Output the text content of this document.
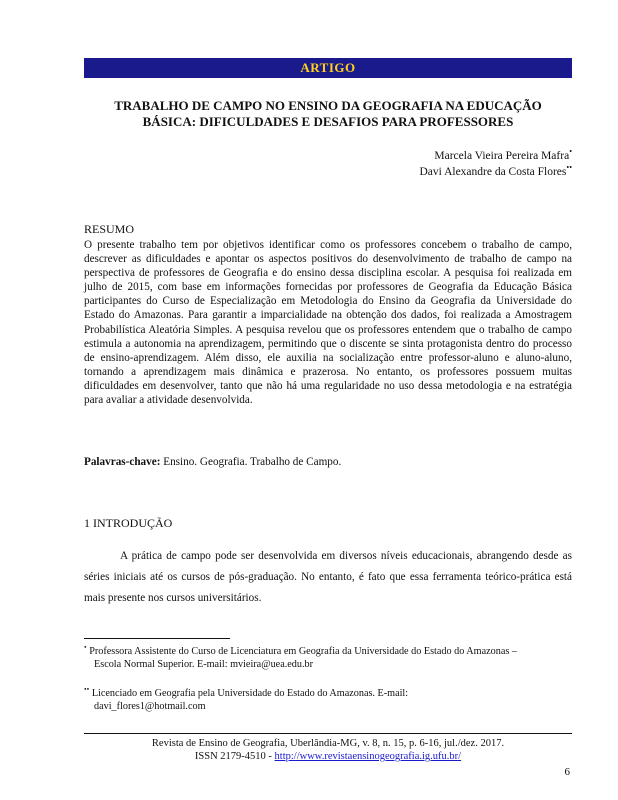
ARTIGO
TRABALHO DE CAMPO NO ENSINO DA GEOGRAFIA NA EDUCAÇÃO
BÁSICA: DIFICULDADES E DESAFIOS PARA PROFESSORES
Marcela Vieira Pereira Mafra•
Davi Alexandre da Costa Flores••
RESUMO
O presente trabalho tem por objetivos identificar como os professores concebem o trabalho de campo, descrever as dificuldades e apontar os aspectos positivos do desenvolvimento de trabalho de campo na perspectiva de professores de Geografia e do ensino dessa disciplina escolar. A pesquisa foi realizada em julho de 2015, com base em informações fornecidas por professores de Geografia da Educação Básica participantes do Curso de Especialização em Metodologia do Ensino da Geografia da Universidade do Estado do Amazonas. Para garantir a imparcialidade na obtenção dos dados, foi realizada a Amostragem Probabilística Aleatória Simples. A pesquisa revelou que os professores entendem que o trabalho de campo estimula a autonomia na aprendizagem, permitindo que o discente se sinta protagonista dentro do processo de ensino-aprendizagem. Além disso, ele auxilia na socialização entre professor-aluno e aluno-aluno, tornando a aprendizagem mais dinâmica e prazerosa. No entanto, os professores possuem muitas dificuldades em desenvolver, tanto que não há uma regularidade no uso dessa metodologia e na estratégia para avaliar a atividade desenvolvida.
Palavras-chave: Ensino. Geografia. Trabalho de Campo.
1 INTRODUÇÃO
A prática de campo pode ser desenvolvida em diversos níveis educacionais, abrangendo desde as séries iniciais até os cursos de pós-graduação. No entanto, é fato que essa ferramenta teórico-prática está mais presente nos cursos universitários.
• Professora Assistente do Curso de Licenciatura em Geografia da Universidade do Estado do Amazonas –
Escola Normal Superior. E-mail: mvieira@uea.edu.br
•• Licenciado em Geografia pela Universidade do Estado do Amazonas. E-mail:
davi_flores1@hotmail.com
Revista de Ensino de Geografia, Uberlândia-MG, v. 8, n. 15, p. 6-16, jul./dez. 2017.
ISSN 2179-4510 - http://www.revistaensinogeografia.ig.ufu.br/
6
